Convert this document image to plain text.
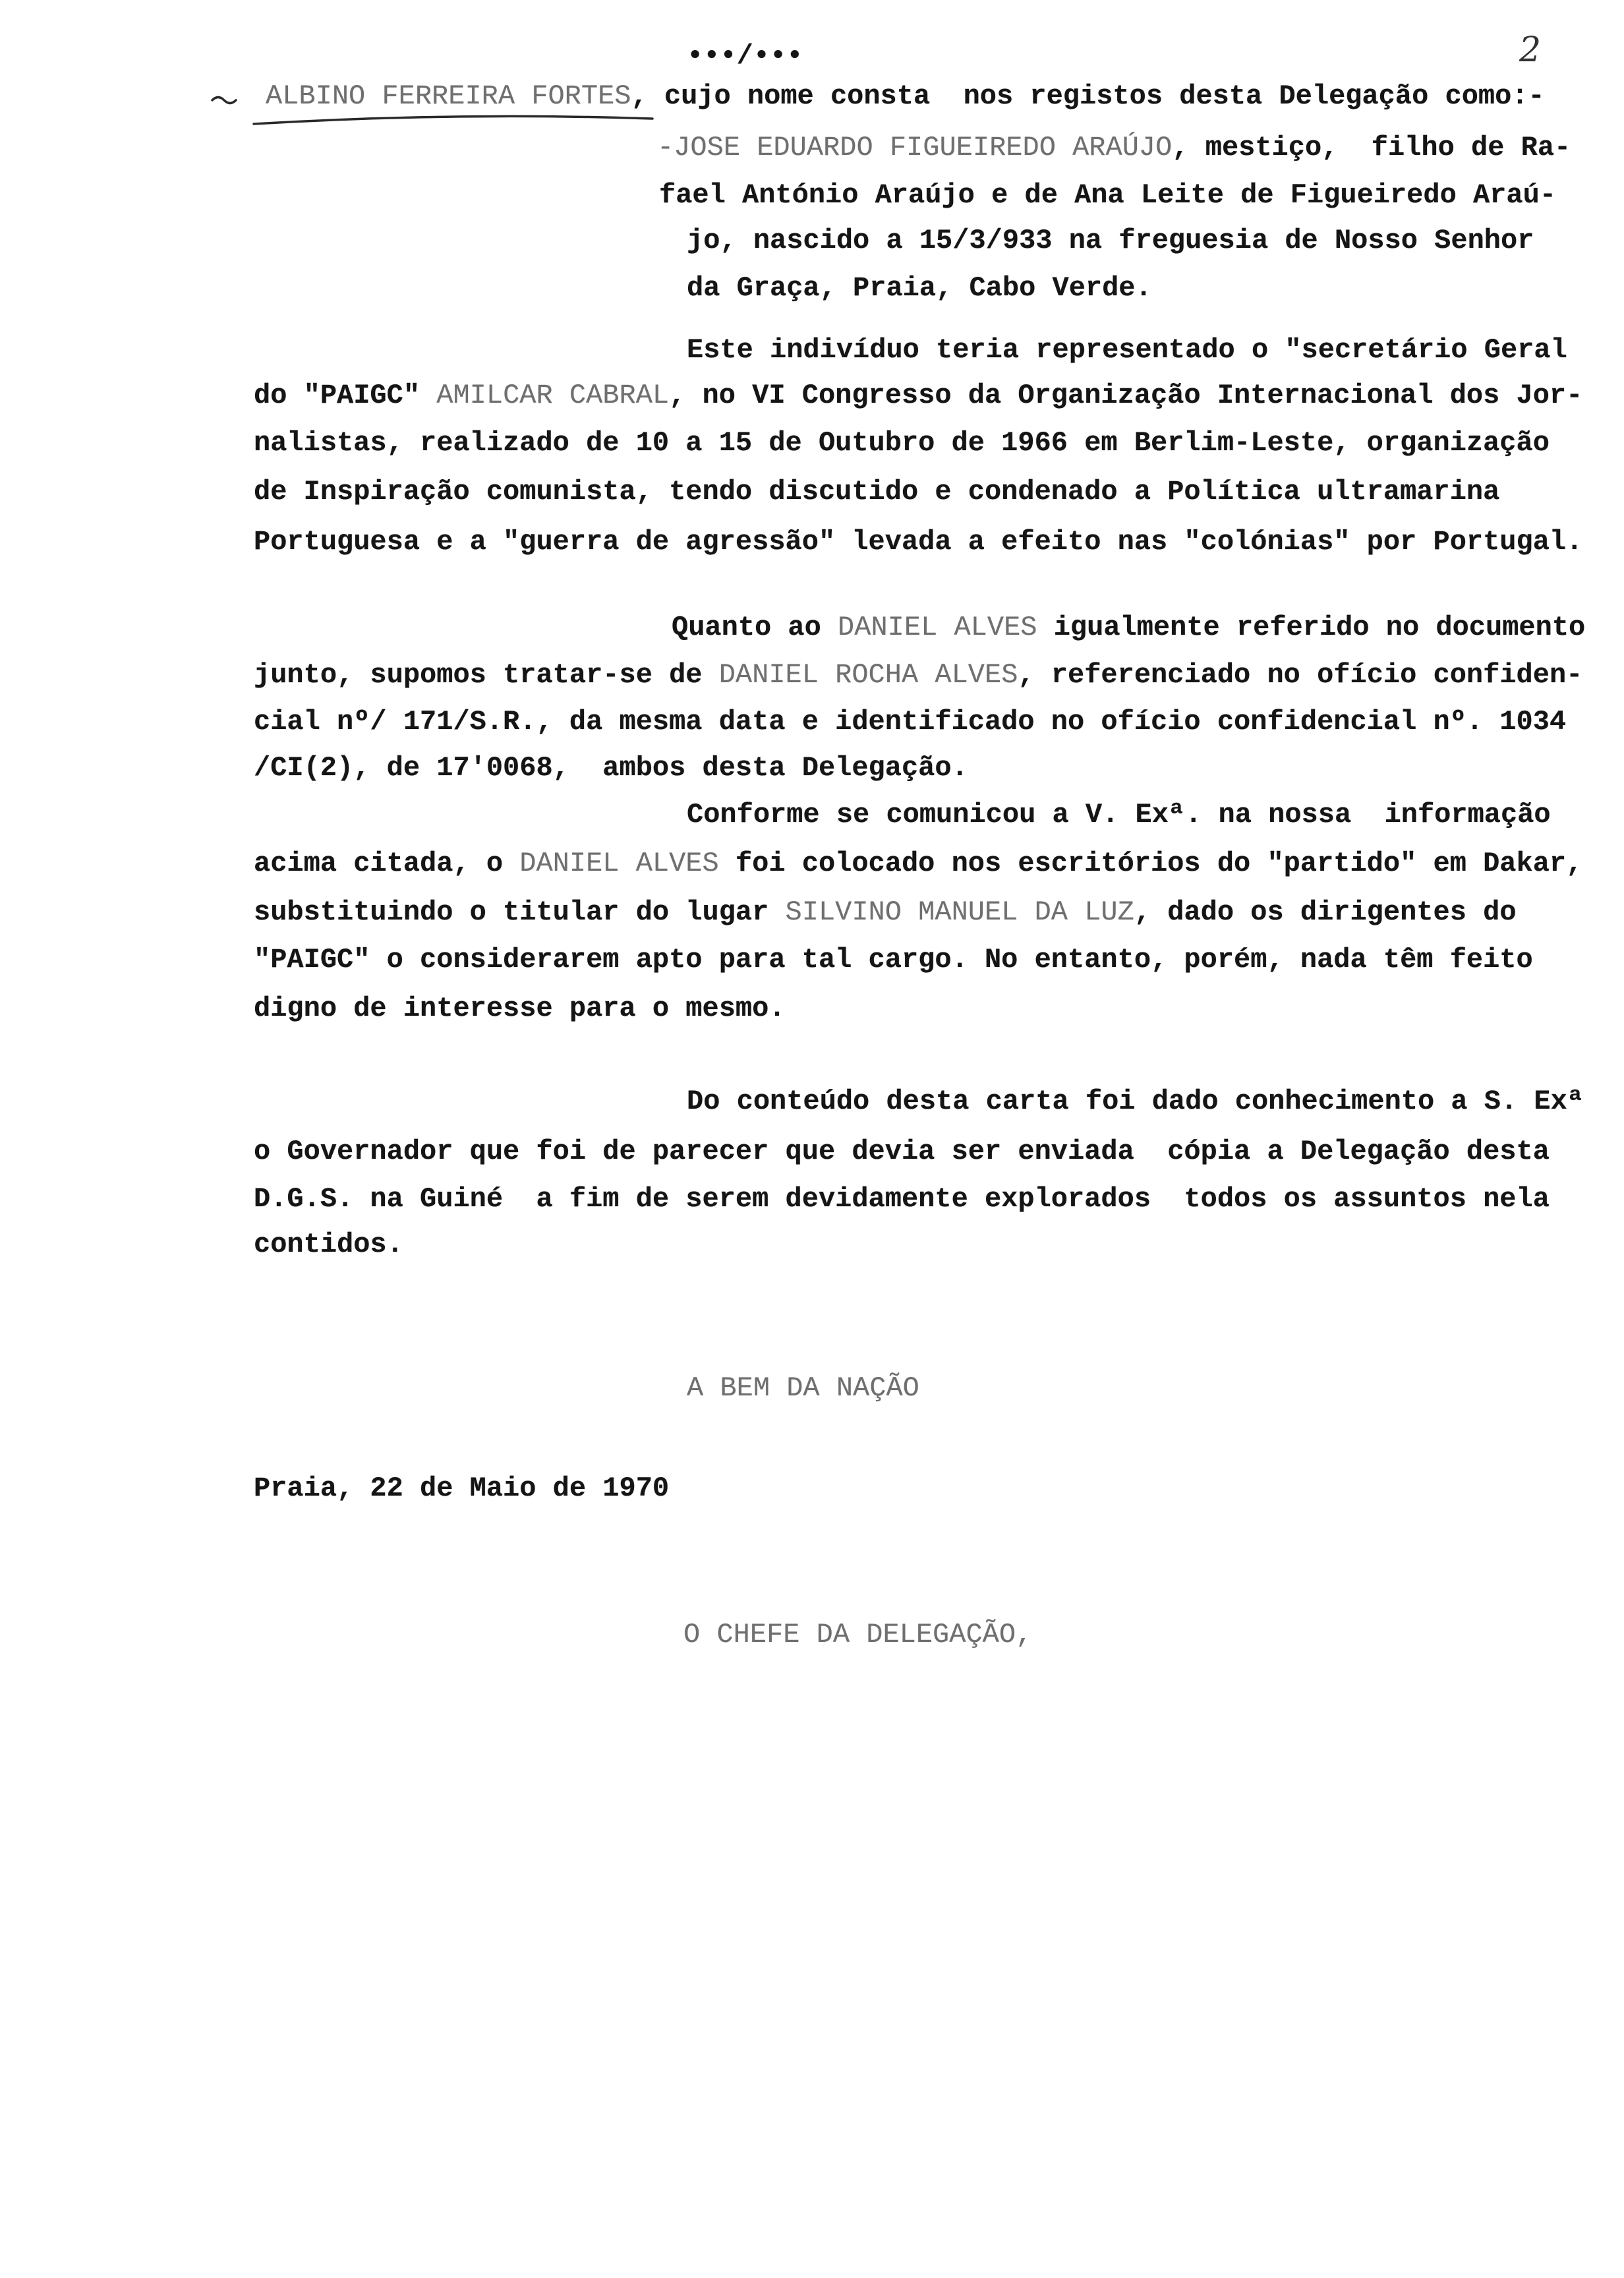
•••/•••	2
ALBINO FERREIRA FORTES, cujo nome consta  nos registos desta Delegação como:-
-JOSE EDUARDO FIGUEIREDO ARAÚJO, mestiço,  filho de Ra-
fael António Araújo e de Ana Leite de Figueiredo Araú-
jo, nascido a 15/3/933 na freguesia de Nosso Senhor
da Graça, Praia, Cabo Verde.
Este indivíduo teria representado o "secretário Geral
do "PAIGC" AMILCAR CABRAL, no VI Congresso da Organização Internacional dos Jor-
nalistas, realizado de 10 a 15 de Outubro de 1966 em Berlim-Leste, organização
de Inspiração comunista, tendo discutido e condenado a Política ultramarina
Portuguesa e a "guerra de agressão" levada a efeito nas "colónias" por Portugal.
Quanto ao DANIEL ALVES igualmente referido no documento
junto, supomos tratar-se de DANIEL ROCHA ALVES, referenciado no ofício confiden-
cial nº/ 171/S.R., da mesma data e identificado no ofício confidencial nº. 1034
/CI(2), de 17'0068,  ambos desta Delegação.
Conforme se comunicou a V. Exª. na nossa  informação
acima citada, o DANIEL ALVES foi colocado nos escritórios do "partido" em Dakar,
substituindo o titular do lugar SILVINO MANUEL DA LUZ, dado os dirigentes do
"PAIGC" o considerarem apto para tal cargo. No entanto, porém, nada têm feito
digno de interesse para o mesmo.
Do conteúdo desta carta foi dado conhecimento a S. Exª
o Governador que foi de parecer que devia ser enviada  cópia a Delegação desta
D.G.S. na Guiné  a fim de serem devidamente explorados  todos os assuntos nela
contidos.
A BEM DA NAÇÃO
Praia, 22 de Maio de 1970
O CHEFE DA DELEGAÇÃO,
